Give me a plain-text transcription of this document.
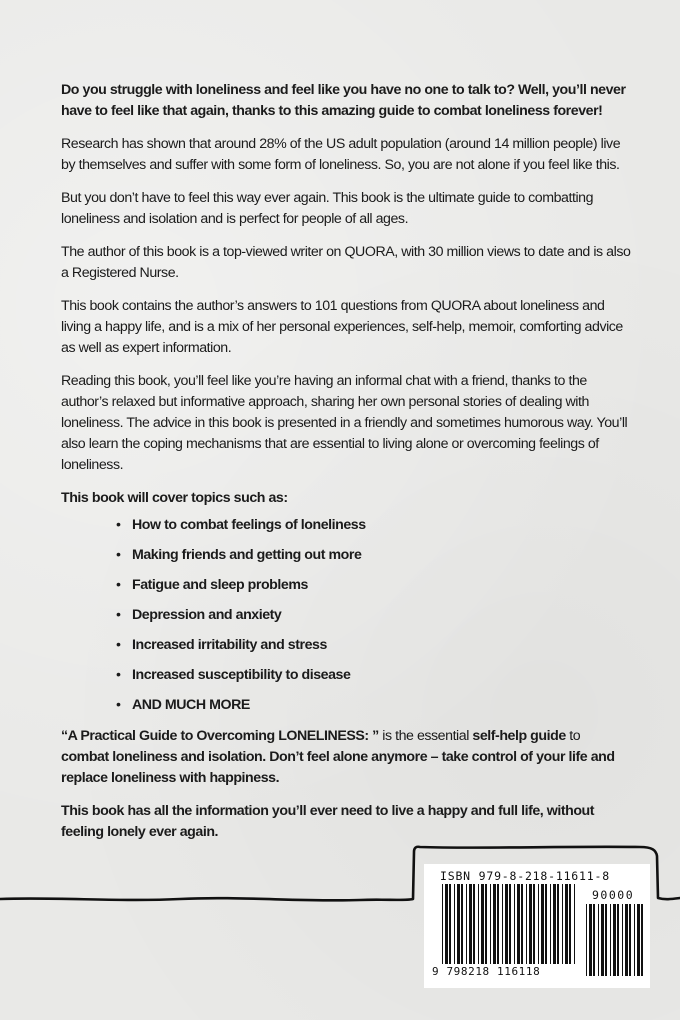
Do you struggle with loneliness and feel like you have no one to talk to? Well, you’ll never have to feel like that again, thanks to this amazing guide to combat loneliness forever!

Research has shown that around 28% of the US adult population (around 14 million people) live by themselves and suffer with some form of loneliness. So, you are not alone if you feel like this.

But you don’t have to feel this way ever again. This book is the ultimate guide to combatting loneliness and isolation and is perfect for people of all ages.

The author of this book is a top-viewed writer on QUORA, with 30 million views to date and is also a Registered Nurse.

This book contains the author’s answers to 101 questions from QUORA about loneliness and living a happy life, and is a mix of her personal experiences, self-help, memoir, comforting advice as well as expert information.

Reading this book, you’ll feel like you’re having an informal chat with a friend, thanks to the author’s relaxed but informative approach, sharing her own personal stories of dealing with loneliness. The advice in this book is presented in a friendly and sometimes humorous way. You’ll also learn the coping mechanisms that are essential to living alone or overcoming feelings of loneliness.

This book will cover topics such as:

• How to combat feelings of loneliness
• Making friends and getting out more
• Fatigue and sleep problems
• Depression and anxiety
• Increased irritability and stress
• Increased susceptibility to disease
• AND MUCH MORE

“A Practical Guide to Overcoming LONELINESS: ” is the essential self-help guide to combat loneliness and isolation. Don’t feel alone anymore – take control of your life and replace loneliness with happiness.

This book has all the information you’ll ever need to live a happy and full life, without feeling lonely ever again.

ISBN 979-8-218-11611-8
90000
9 798218 116118
